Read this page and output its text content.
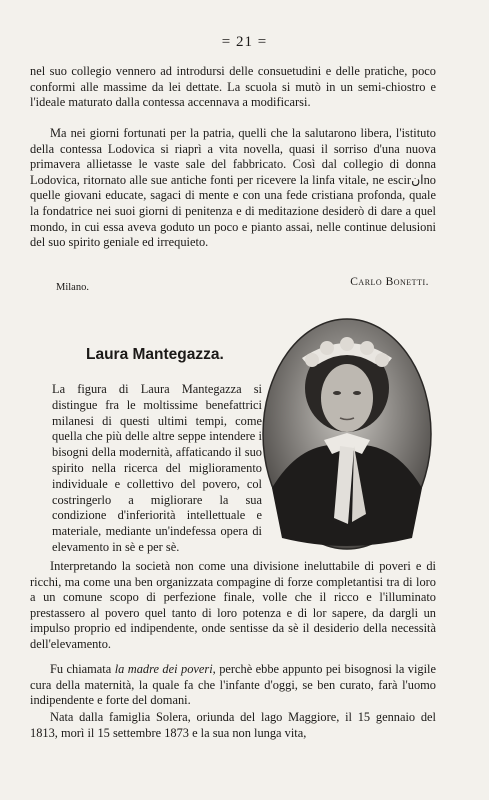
= 21 =

nel suo collegio vennero ad introdursi delle consuetudini e delle pratiche, poco conformi alle massime da lei dettate. La scuola si mutò in un semi-chiostro e l'ideale maturato dalla contessa accennava a modificarsi.

Ma nei giorni fortunati per la patria, quelli che la salutarono libera, l'istituto della contessa Lodovica si riaprì a vita novella, quasi il sorriso d'una nuova primavera allietasse le vaste sale del fabbricato. Così dal collegio di donna Lodovica, ritornato alle sue antiche fonti per ricevere la linfa vitale, ne escirانno quelle giovani educate, sagaci di mente e con una fede cristiana profonda, quale la fondatrice nei suoi giorni di penitenza e di meditazione desiderò di dare a quel mondo, in cui essa aveva goduto un poco e pianto assai, nelle continue delusioni del suo spirito geniale ed irrequieto.

Milano.	Carlo Bonetti.
Laura Mantegazza.

La figura di Laura Mantegazza si distingue fra le moltissime benefattrici milanesi di questi ultimi tempi, come quella che più delle altre seppe intendere i bisogni della modernità, affaticando il suo spirito nella ricerca del miglioramento individuale e collettivo del povero, col costringerlo a migliorare la sua condizione d'inferiorità intellettuale e materiale, mediante un'indefessa opera di elevamento in sè e per sè.

Interpretando la società non come una divisione ineluttabile di poveri e di ricchi, ma come una ben organizzata compagine di forze completantisi tra di loro a un comune scopo di perfezione finale, volle che il ricco e l'illuminato prestassero al povero quel tanto di loro potenza e di lor sapere, da dargli un impulso proprio ed indipendente, onde sentisse da sè il desiderio della necessità dell'elevamento.

Fu chiamata la madre dei poveri, perchè ebbe appunto pei bisognosi la vigile cura della maternità, la quale fa che l'infante d'oggi, se ben curato, farà l'uomo indipendente e forte del domani.

Nata dalla famiglia Solera, oriunda del lago Maggiore, il 15 gennaio del 1813, morì il 15 settembre 1873 e la sua non lunga vita,
